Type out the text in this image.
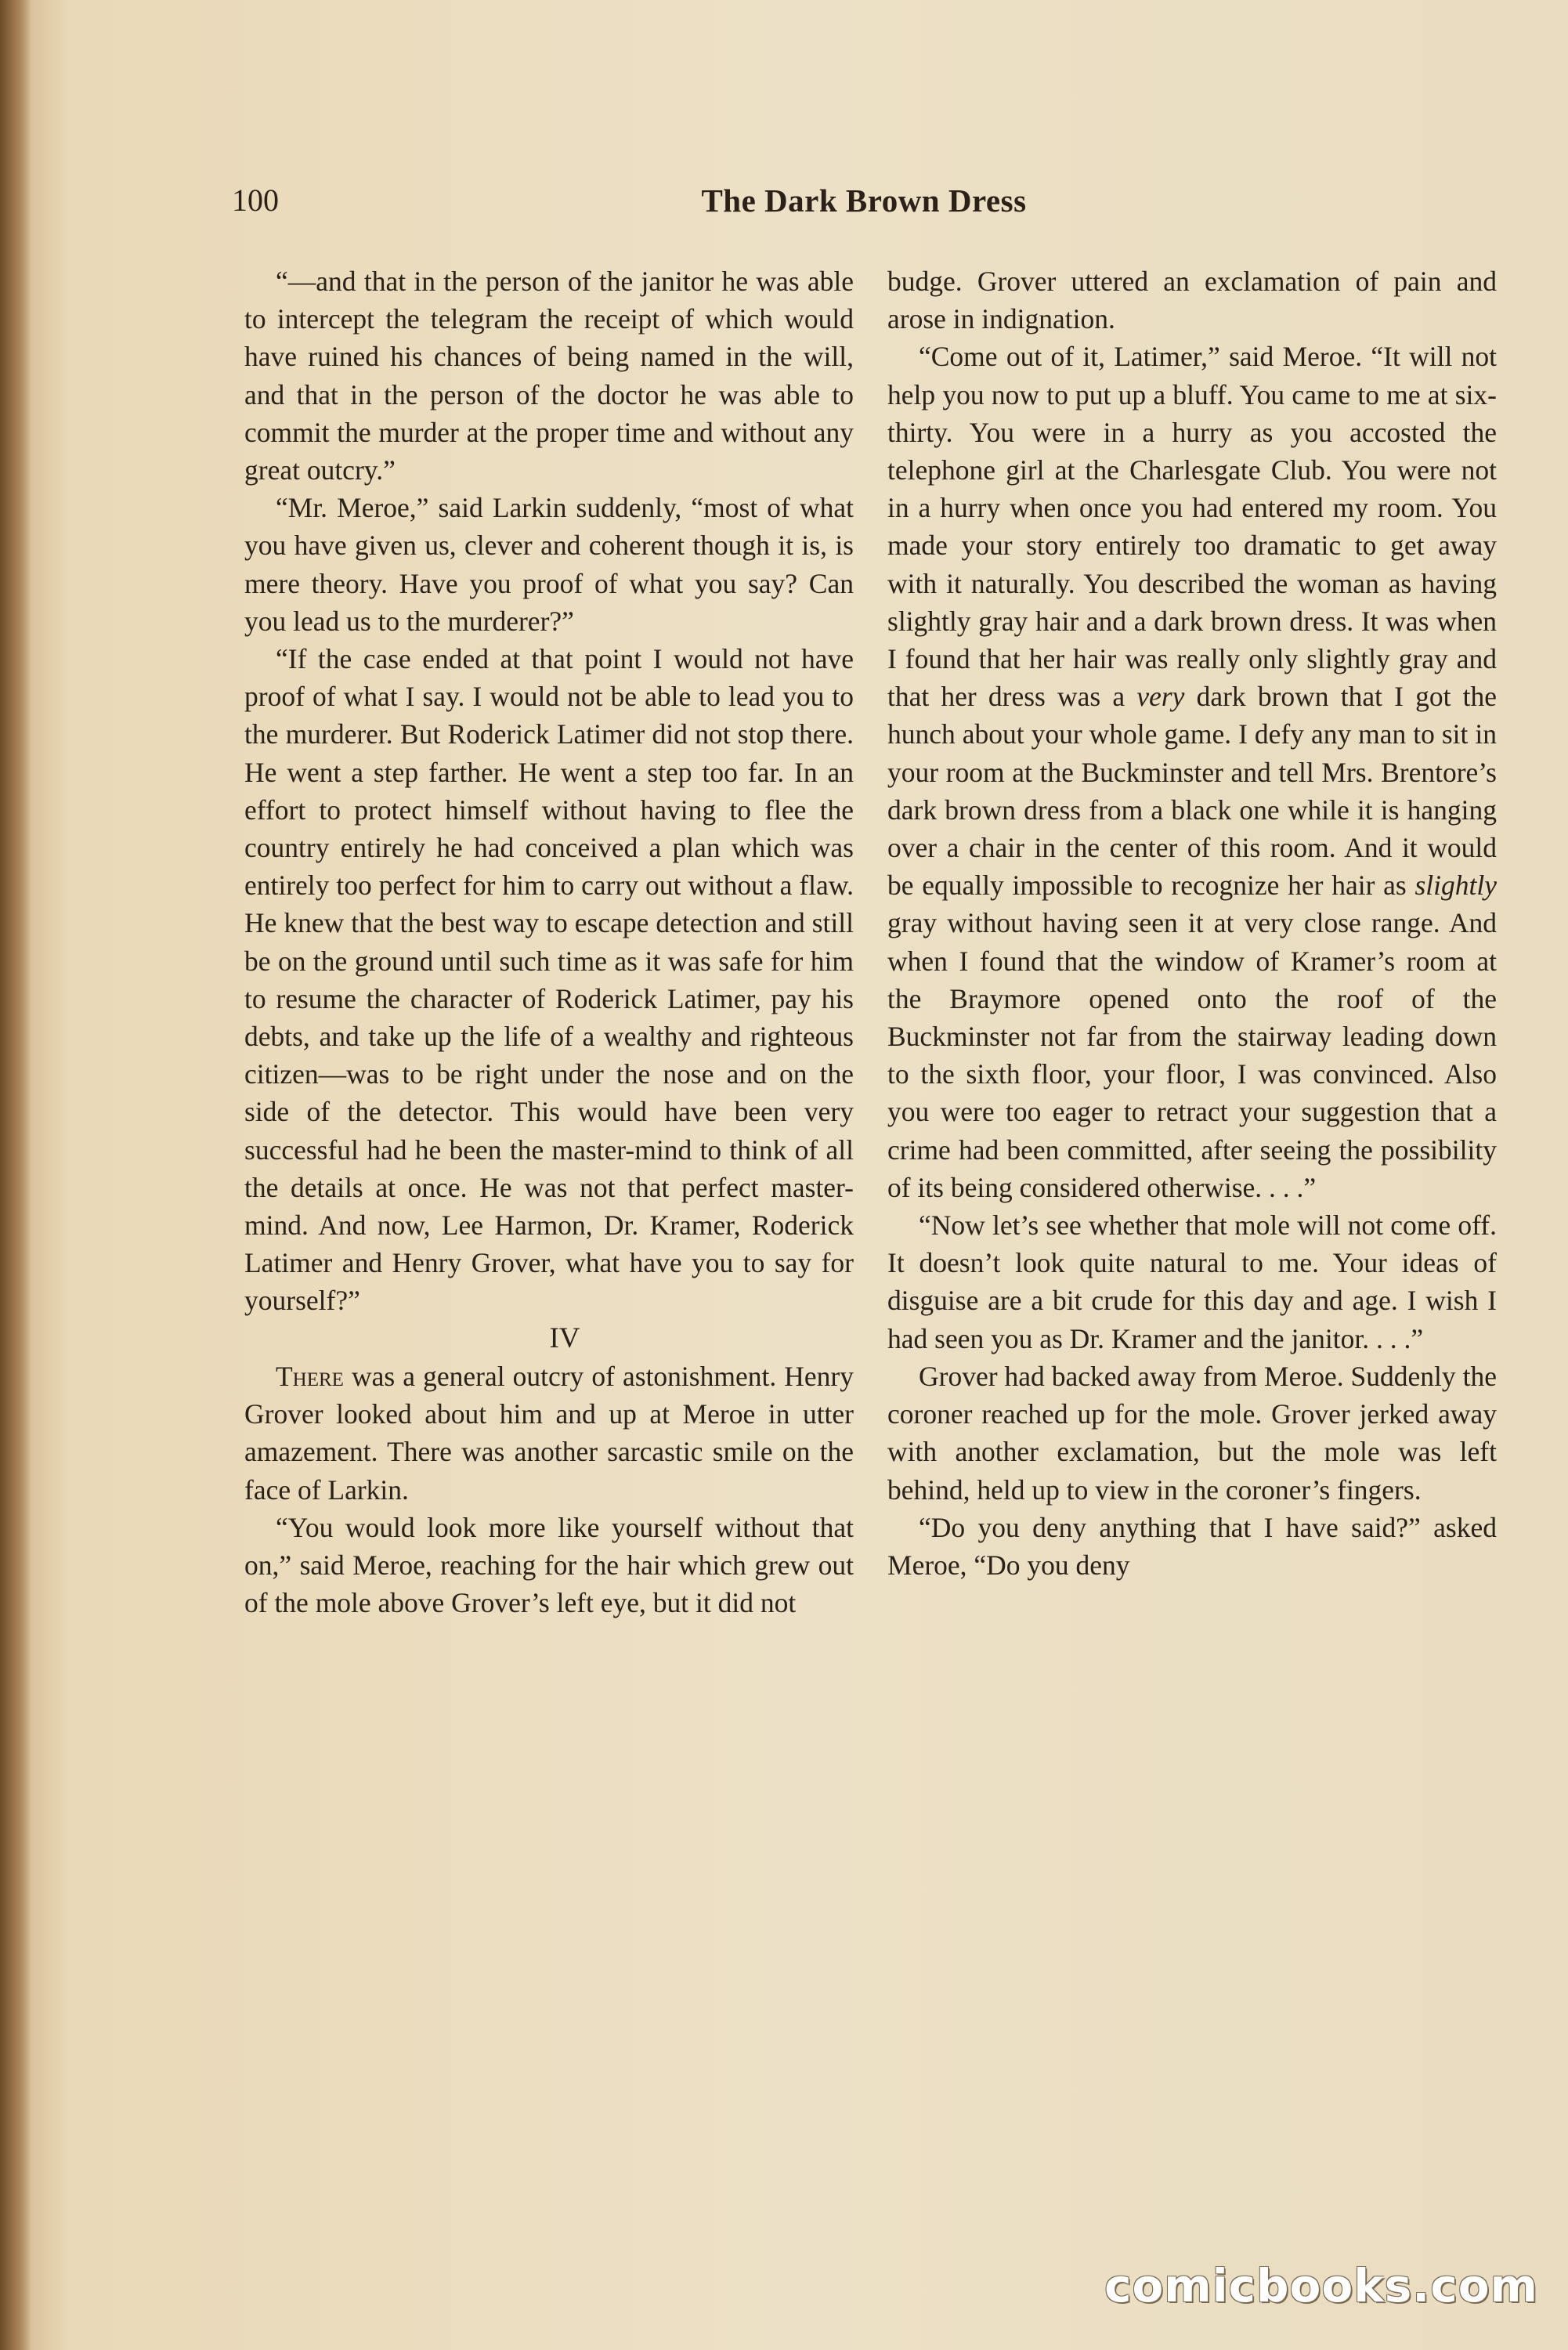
100	The Dark Brown Dress

“—and that in the person of the janitor he was able to intercept the telegram the receipt of which would have ruined his chances of being named in the will, and that in the person of the doctor he was able to commit the murder at the proper time and without any great outcry.”

“Mr. Meroe,” said Larkin suddenly, “most of what you have given us, clever and coherent though it is, is mere theory. Have you proof of what you say? Can you lead us to the murderer?”

“If the case ended at that point I would not have proof of what I say. I would not be able to lead you to the murderer. But Roderick Latimer did not stop there. He went a step farther. He went a step too far. In an effort to protect himself without having to flee the country entirely he had conceived a plan which was entirely too perfect for him to carry out without a flaw. He knew that the best way to escape detection and still be on the ground until such time as it was safe for him to resume the character of Roderick Latimer, pay his debts, and take up the life of a wealthy and righteous citizen—was to be right under the nose and on the side of the detector. This would have been very successful had he been the master-mind to think of all the details at once. He was not that perfect master-mind. And now, Lee Harmon, Dr. Kramer, Roderick Latimer and Henry Grover, what have you to say for yourself?”

IV

There was a general outcry of astonishment. Henry Grover looked about him and up at Meroe in utter amazement. There was another sarcastic smile on the face of Larkin.

“You would look more like yourself without that on,” said Meroe, reaching for the hair which grew out of the mole above Grover’s left eye, but it did not

budge. Grover uttered an exclamation of pain and arose in indignation.

“Come out of it, Latimer,” said Meroe. “It will not help you now to put up a bluff. You came to me at six-thirty. You were in a hurry as you accosted the telephone girl at the Charlesgate Club. You were not in a hurry when once you had entered my room. You made your story entirely too dramatic to get away with it naturally. You described the woman as having slightly gray hair and a dark brown dress. It was when I found that her hair was really only slightly gray and that her dress was a very dark brown that I got the hunch about your whole game. I defy any man to sit in your room at the Buckminster and tell Mrs. Brentore’s dark brown dress from a black one while it is hanging over a chair in the center of this room. And it would be equally impossible to recognize her hair as slightly gray without having seen it at very close range. And when I found that the window of Kramer’s room at the Braymore opened onto the roof of the Buckminster not far from the stairway leading down to the sixth floor, your floor, I was convinced. Also you were too eager to retract your suggestion that a crime had been committed, after seeing the possibility of its being considered otherwise. . . .”

“Now let’s see whether that mole will not come off. It doesn’t look quite natural to me. Your ideas of disguise are a bit crude for this day and age. I wish I had seen you as Dr. Kramer and the janitor. . . .”

Grover had backed away from Meroe. Suddenly the coroner reached up for the mole. Grover jerked away with another exclamation, but the mole was left behind, held up to view in the coroner’s fingers.

“Do you deny anything that I have said?” asked Meroe, “Do you deny

comicbooks.com
